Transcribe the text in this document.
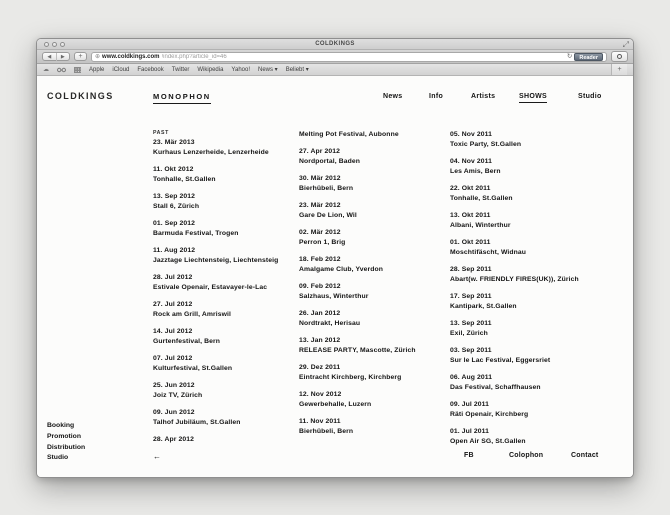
COLDKINGS	⤢
◀	▶	+	⊕ www.coldkings.com /index.php?article_id=46	↻	Reader
☁	Apple iCloud Facebook Twitter Wikipedia Yahoo! News ▾ Beliebt ▾	+
COLDKINGS	MONOPHON	News	Info	Artists	SHOWS	Studio
PAST
23. Mär 2013
Kurhaus Lenzerheide, Lenzerheide
11. Okt 2012
Tonhalle, St.Gallen
13. Sep 2012
Stall 6, Zürich
01. Sep 2012
Barmuda Festival, Trogen
11. Aug 2012
Jazztage Liechtensteig, Liechtensteig
28. Jul 2012
Estivale Openair, Estavayer-le-Lac
27. Jul 2012
Rock am Grill, Amriswil
14. Jul 2012
Gurtenfestival, Bern
07. Jul 2012
Kulturfestival, St.Gallen
25. Jun 2012
Joiz TV, Zürich
09. Jun 2012
Talhof Jubiläum, St.Gallen
28. Apr 2012
←
Melting Pot Festival, Aubonne
27. Apr 2012
Nordportal, Baden
30. Mär 2012
Bierhübeli, Bern
23. Mär 2012
Gare De Lion, Wil
02. Mär 2012
Perron 1, Brig
18. Feb 2012
Amalgame Club, Yverdon
09. Feb 2012
Salzhaus, Winterthur
26. Jan 2012
Nordtrakt, Herisau
13. Jan 2012
RELEASE PARTY, Mascotte, Zürich
29. Dez 2011
Eintracht Kirchberg, Kirchberg
12. Nov 2012
Gewerbehalle, Luzern
11. Nov 2011
Bierhübeli, Bern
05. Nov 2011
Toxic Party, St.Gallen
04. Nov 2011
Les Amis, Bern
22. Okt 2011
Tonhalle, St.Gallen
13. Okt 2011
Albani, Winterthur
01. Okt 2011
Moschtifäscht, Widnau
28. Sep 2011
Abart(w. FRIENDLY FIRES(UK)), Zürich
17. Sep 2011
Kantipark, St.Gallen
13. Sep 2011
Exil, Zürich
03. Sep 2011
Sur le Lac Festival, Eggersriet
06. Aug 2011
Das Festival, Schaffhausen
09. Jul 2011
Räti Openair, Kirchberg
01. Jul 2011
Open Air SG, St.Gallen
Booking
Promotion
Distribution
Studio	FB	Colophon	Contact
